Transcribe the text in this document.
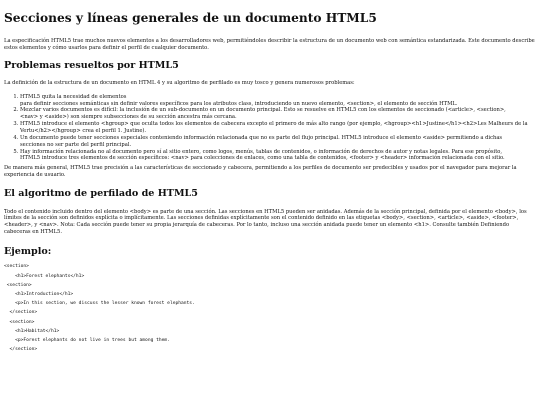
Secciones y líneas generales de un documento HTML5

La especificación HTML5 trae muchos nuevos elementos a los desarrolladores web, permitiéndoles describir la estructura de un documento web con semántica estandarizada. Este documento describe estos elementos y cómo usarlos para definir el perfil de cualquier documento.

Problemas resueltos por HTML5

La definición de la estructura de un documento en HTML 4 y su algoritmo de perfilado es muy tosco y genera numerosos problemas:

1. HTML5 quita la necesidad de elementos
para definir secciones semánticas sin definir valores específicos para los atributos class, introduciendo un nuevo elemento, <section>, el elemento de sección HTML.
2. Mezclar varios documentos es difícil: la inclusión de un sub-documento en un documento principal. Esto se resuelve en HTML5 con los elementos de seccionado (<article>, <section>,
<nav> y <aside>) son siempre subsecciones de su sección ancestra más cercana.
3. HTML5 introduce el elemento <hgroup> que oculta todos los elementos de cabecera excepto el primero de más alto rango (por ejemplo, <hgroup><h1>Justine</h1><h2>Les Malheurs de la
Vertu</h2></hgroup> crea el perfil 1. Justine).
4. Un documento puede tener secciones especiales conteniendo información relacionada que no es parte del flujo principal. HTML5 introduce el elemento <aside> permitiendo a dichas
secciones no ser parte del perfil principal.
5. Hay información relacionada no al documento pero sí al sitio entero, como logos, menús, tablas de contenidos, o información de derechos de autor y notas legales. Para ese propósito,
HTML5 introduce tres elementos de sección específicos: <nav> para colecciones de enlaces, como una tabla de contenidos, <footer> y <header> información relacionada con el sitio.

De manera más general, HTML5 trae precisión a las características de seccionado y cabecera, permitiendo a los perfiles de documento ser predecibles y usados por el navegador para mejorar la experiencia de usuario.

El algoritmo de perfilado de HTML5

Todo el contenido incluido dentro del elemento <body> es parte de una sección. Las secciones en HTML5 pueden ser anidadas. Además de la sección principal, definida por el elemento <body>, los límites de la sección son definidos explícita o implícitamente. Las secciones definidas explícitamente son el contenido definido en las etiquetas <body>, <section>, <article>, <aside>, <footer>, <header>, y <nav>. Nota: Cada sección puede tener su propia jerarquía de cabeceras. Por lo tanto, incluso una sección anidada puede tener un elemento <h1>. Consulte también Definiendo cabeceras en HTML5.

Ejemplo:
<section>

<h1>Forest elephants</h1>

<section>

<h1>Introduction</h1>

<p>In this section, we discuss the lesser known forest elephants.

</section>

<section>

<h1>Habitat</h1>

<p>Forest elephants do not live in trees but among them.

</section>
